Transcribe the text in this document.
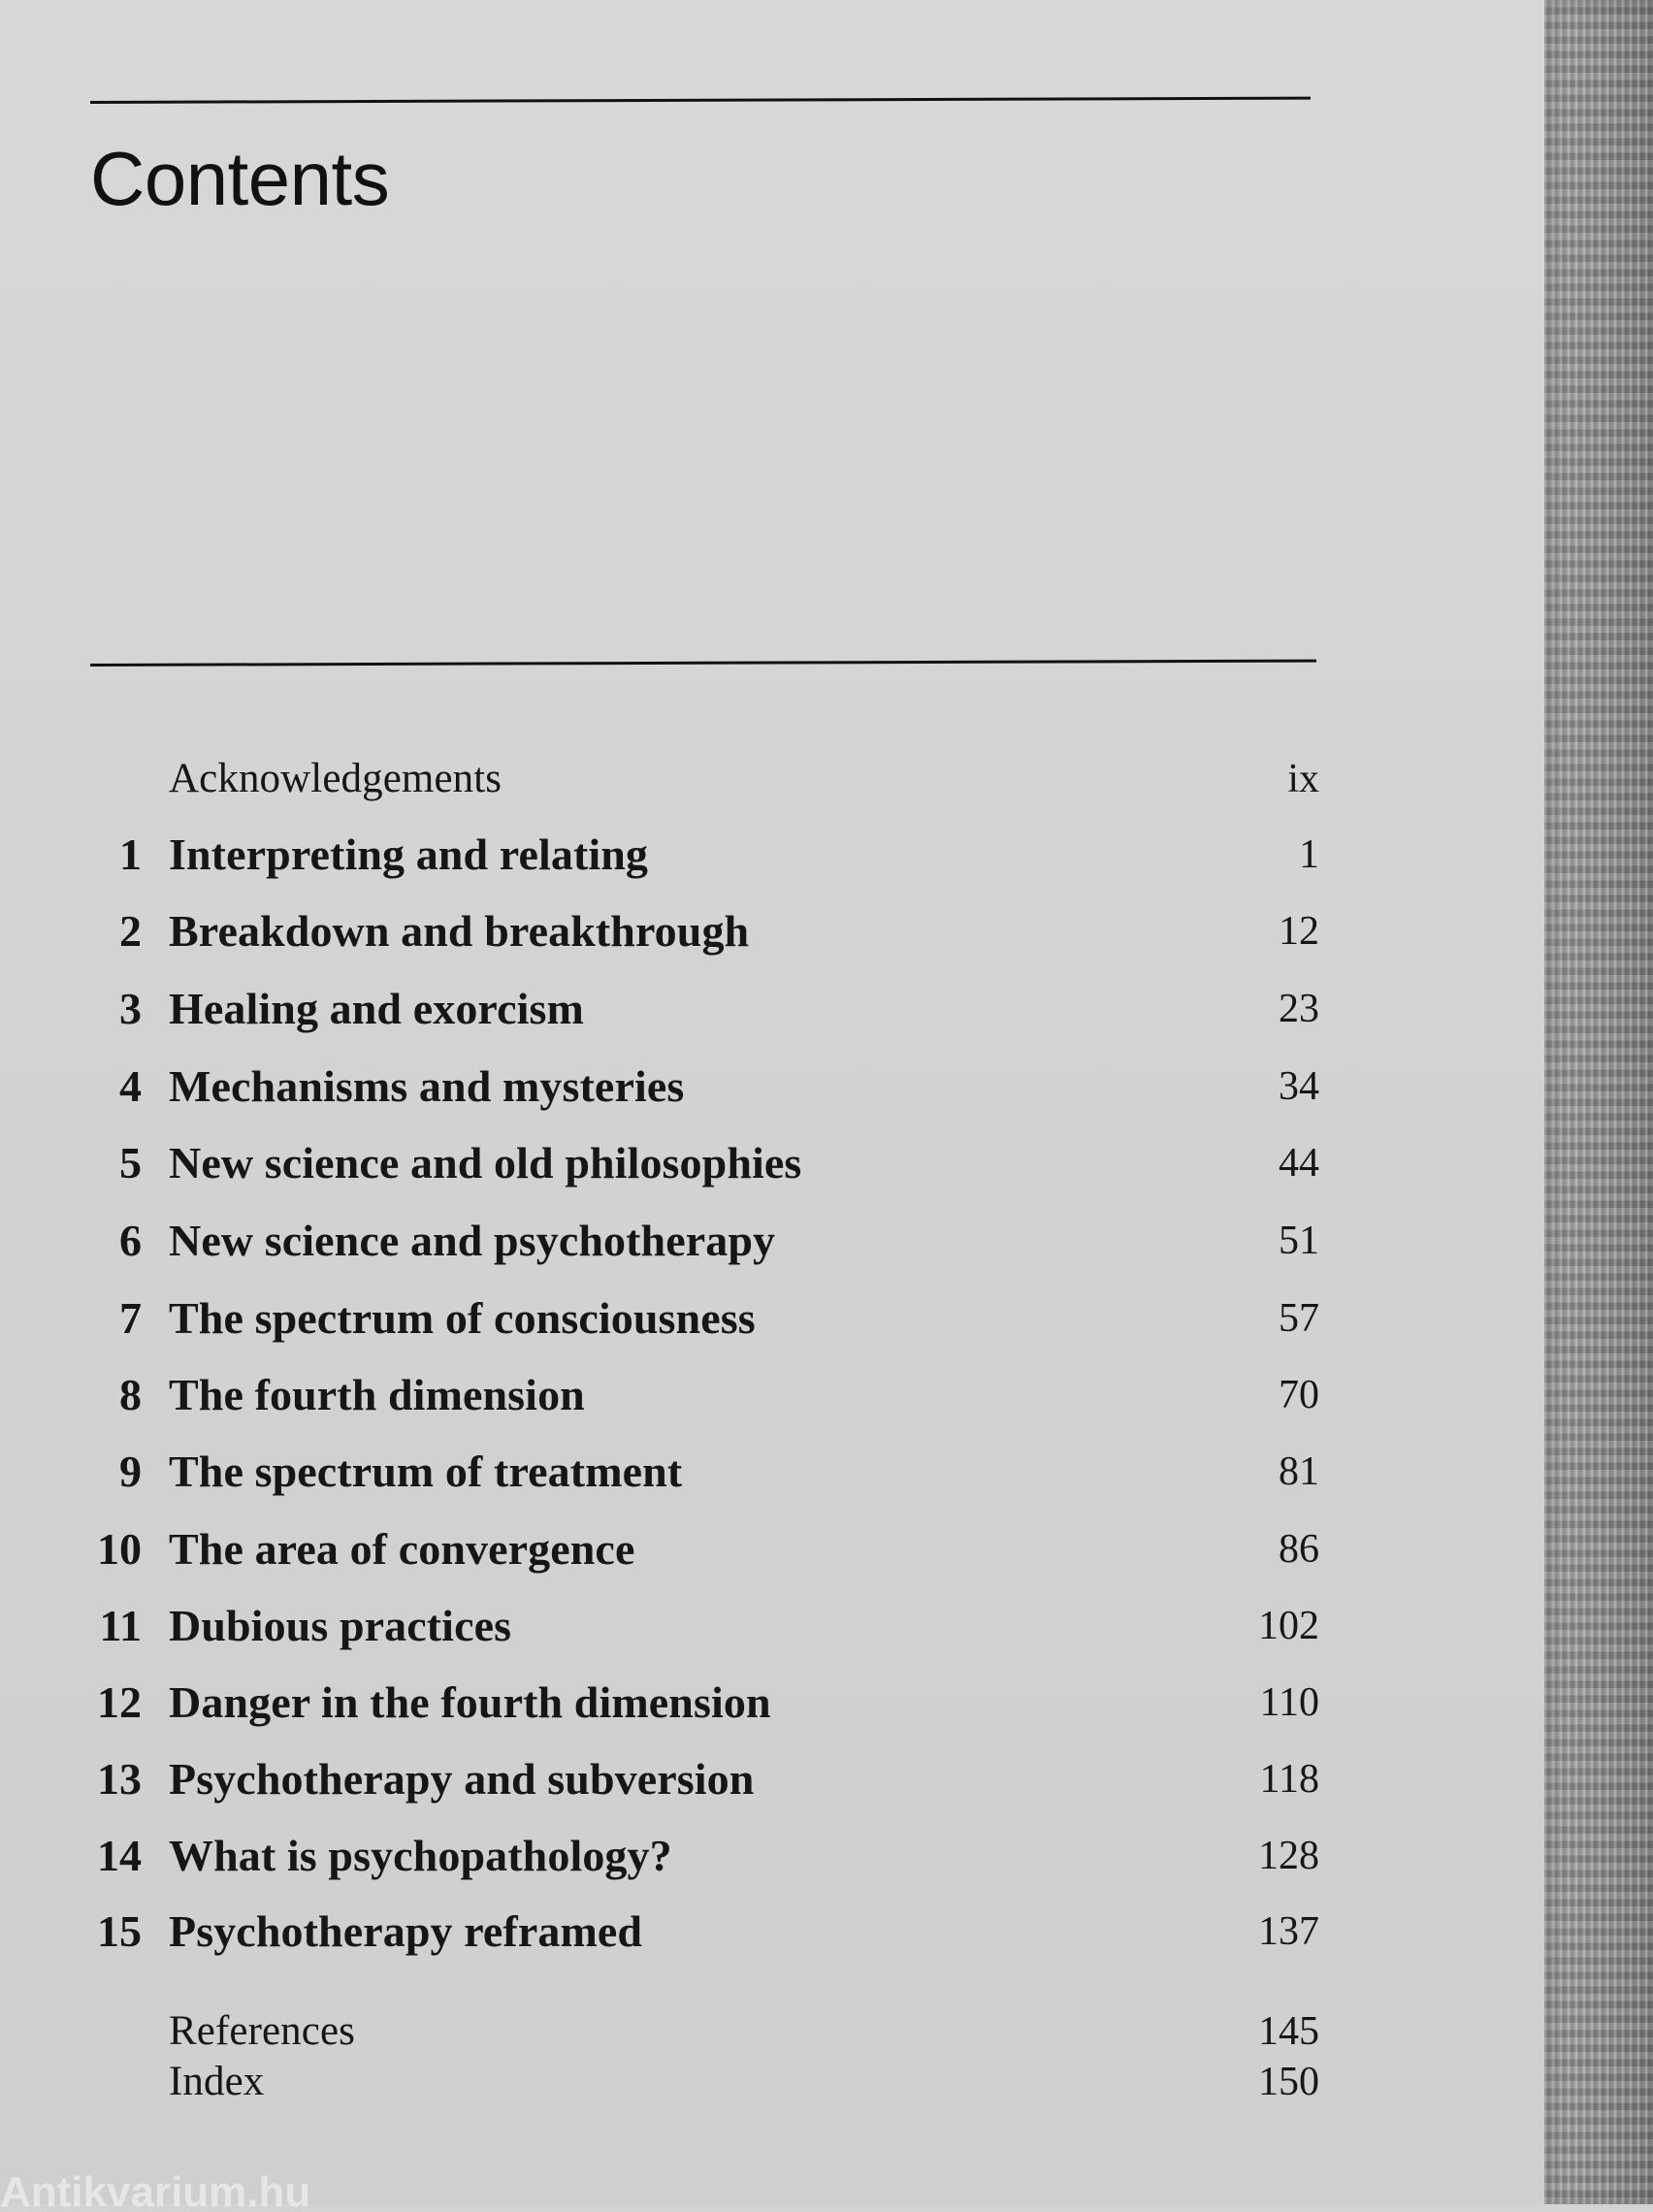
Contents
Acknowledgements	ix
1 Interpreting and relating	1
2 Breakdown and breakthrough	12
3 Healing and exorcism	23
4 Mechanisms and mysteries	34
5 New science and old philosophies	44
6 New science and psychotherapy	51
7 The spectrum of consciousness	57
8 The fourth dimension	70
9 The spectrum of treatment	81
10 The area of convergence	86
11 Dubious practices	102
12 Danger in the fourth dimension	110
13 Psychotherapy and subversion	118
14 What is psychopathology?	128
15 Psychotherapy reframed	137
References	145
Index	150
Antikvarium.hu
